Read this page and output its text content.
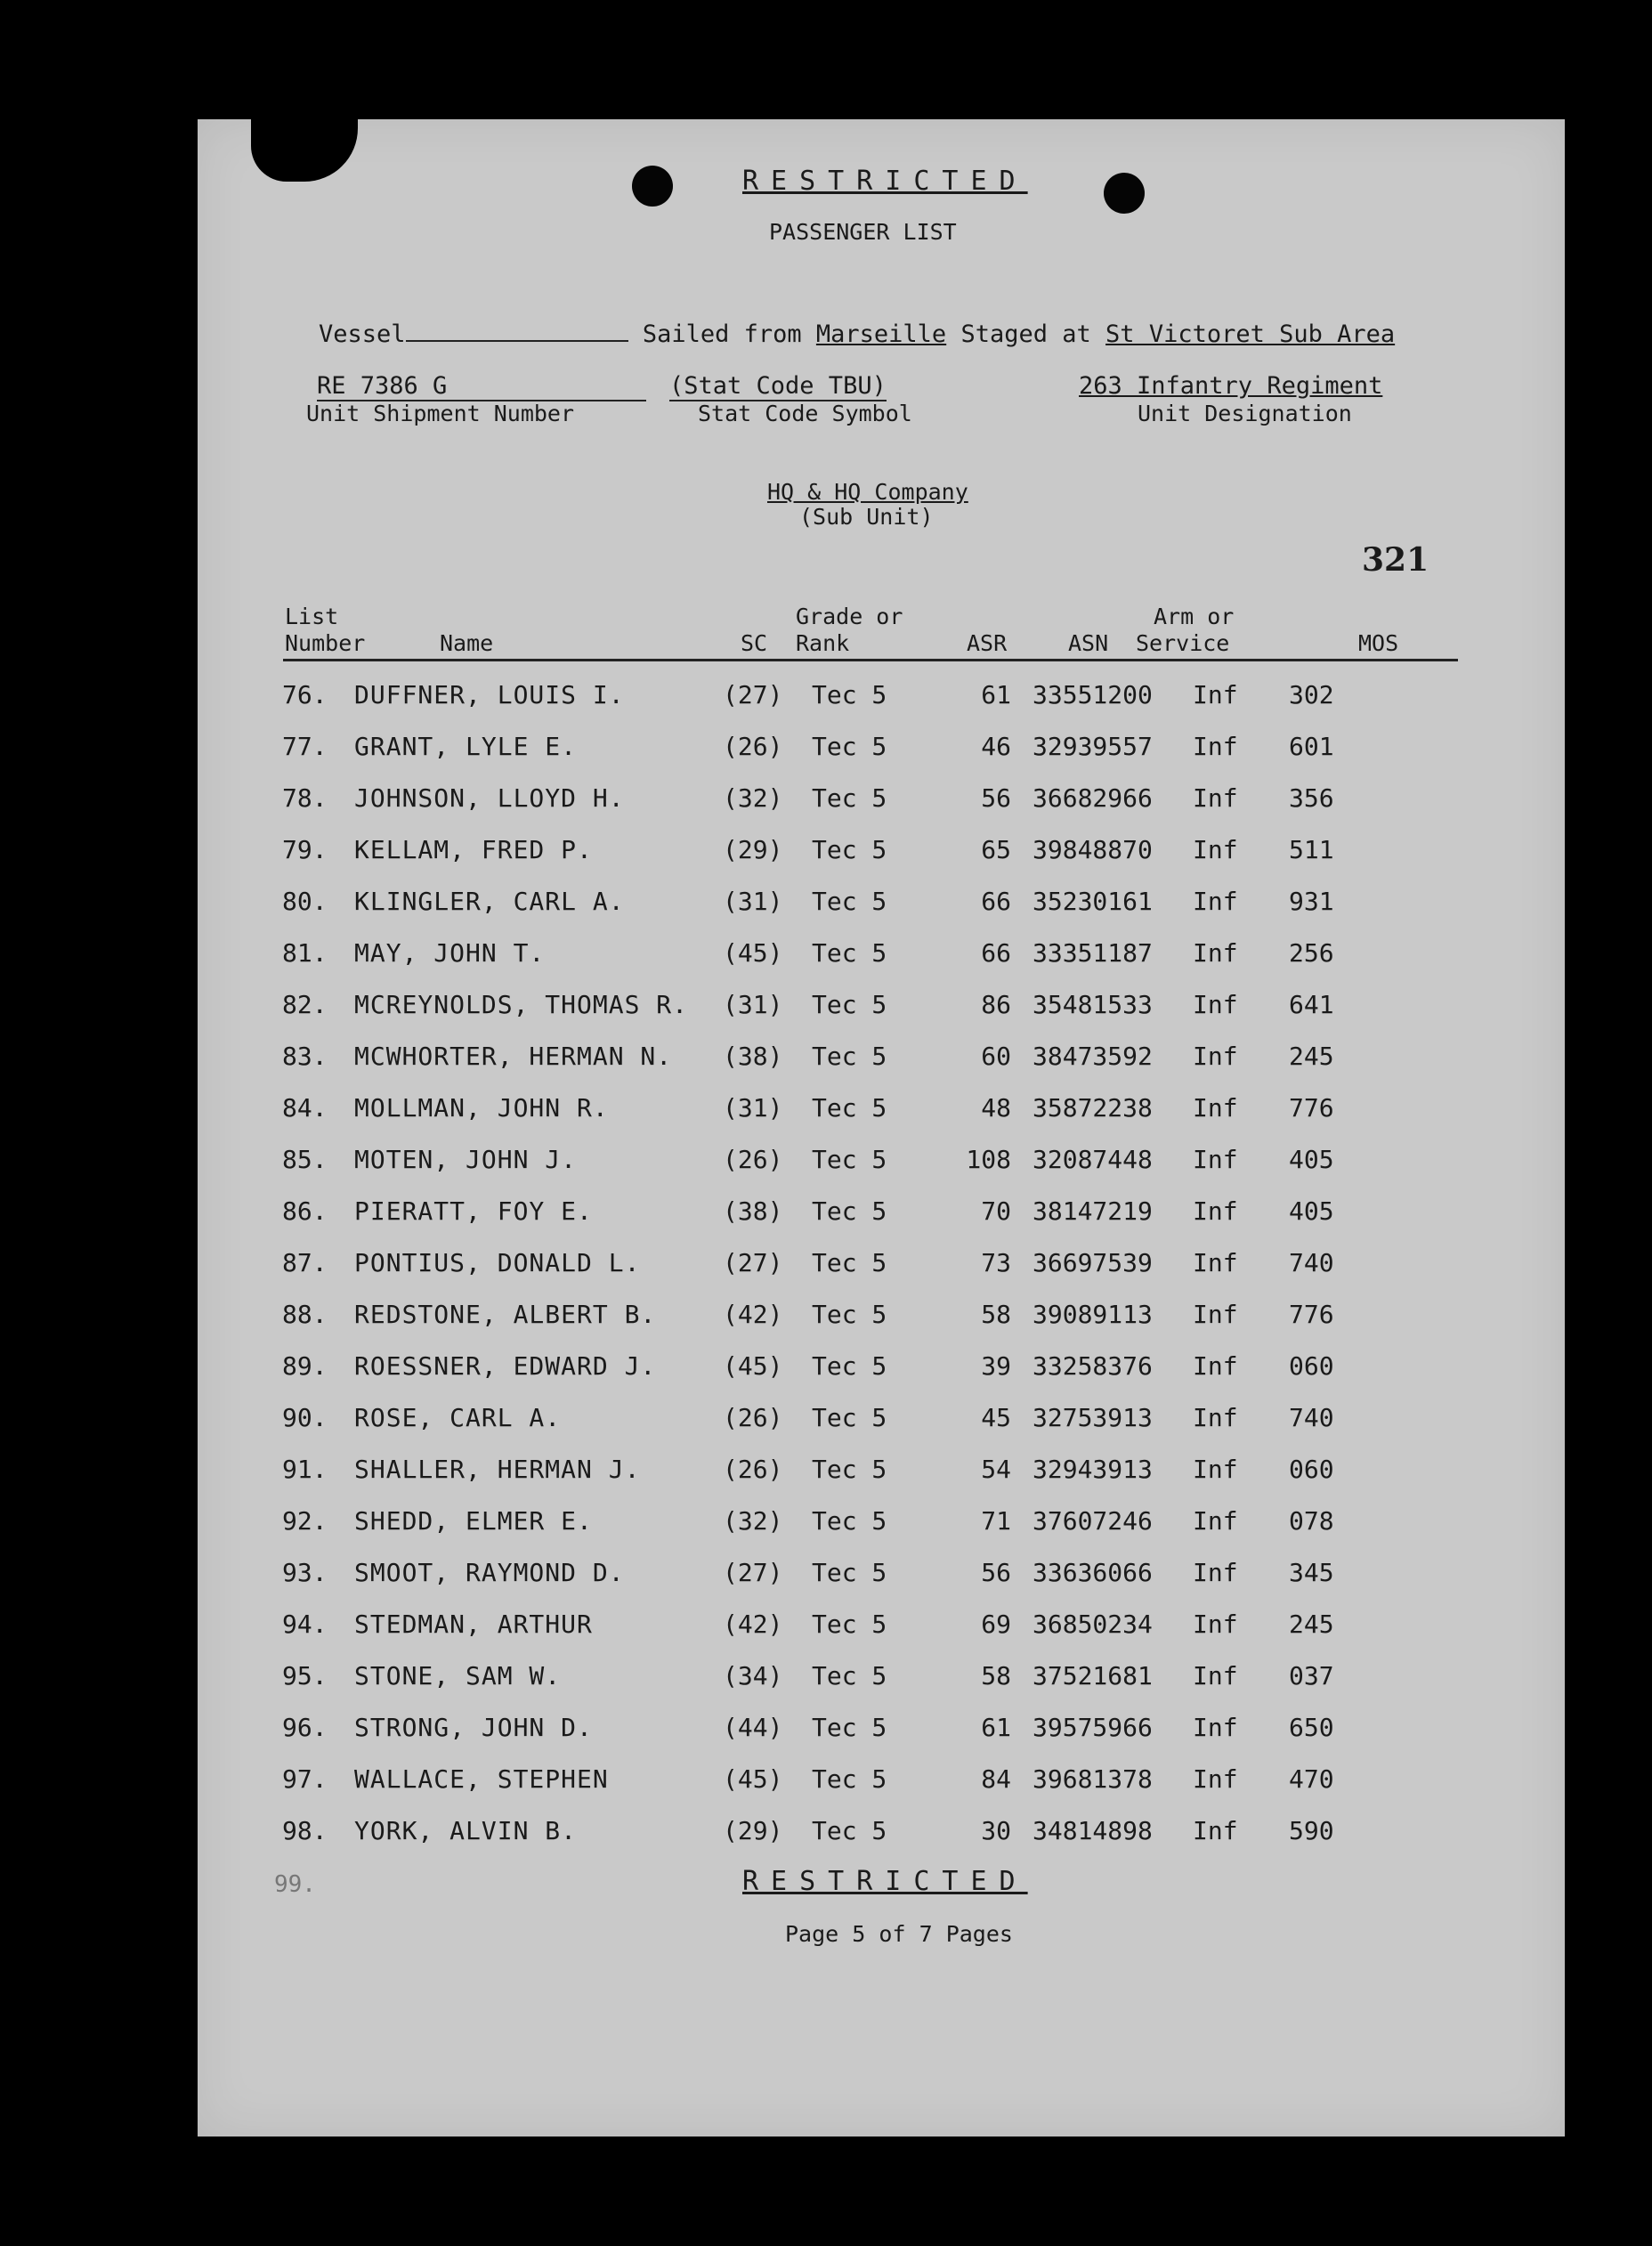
RESTRICTED
PASSENGER LIST
Vessel	Sailed from Marseille Staged at St Victoret Sub Area
RE 7386 G
Unit Shipment Number
(Stat Code TBU)
Stat Code Symbol
263 Infantry Regiment
Unit Designation
HQ & HQ Company
(Sub Unit)
321
List
Number	Name	SC
Grade or
Rank	ASR	ASN
Arm or
Service	MOS
76. DUFFNER, LOUIS I.	(27) Tec 5	61 33551200 Inf 302
77. GRANT, LYLE E.	(26) Tec 5	46 32939557 Inf 601
78. JOHNSON, LLOYD H.	(32) Tec 5	56 36682966 Inf 356
79. KELLAM, FRED P.	(29) Tec 5	65 39848870 Inf 511
80. KLINGLER, CARL A.	(31) Tec 5	66 35230161 Inf 931
81. MAY, JOHN T.	(45) Tec 5	66 33351187 Inf 256
82. MCREYNOLDS, THOMAS R. (31) Tec 5	86 35481533 Inf 641
83. MCWHORTER, HERMAN N. (38) Tec 5	60 38473592 Inf 245
84. MOLLMAN, JOHN R.	(31) Tec 5	48 35872238 Inf 776
85. MOTEN, JOHN J.	(26) Tec 5	108 32087448 Inf 405
86. PIERATT, FOY E.	(38) Tec 5	70 38147219 Inf 405
87. PONTIUS, DONALD L.	(27) Tec 5	73 36697539 Inf 740
88. REDSTONE, ALBERT B.	(42) Tec 5	58 39089113 Inf 776
89. ROESSNER, EDWARD J.	(45) Tec 5	39 33258376 Inf 060
90. ROSE, CARL A.	(26) Tec 5	45 32753913 Inf 740
91. SHALLER, HERMAN J.	(26) Tec 5	54 32943913 Inf 060
92. SHEDD, ELMER E.	(32) Tec 5	71 37607246 Inf 078
93. SMOOT, RAYMOND D.	(27) Tec 5	56 33636066 Inf 345
94. STEDMAN, ARTHUR	(42) Tec 5	69 36850234 Inf 245
95. STONE, SAM W.	(34) Tec 5	58 37521681 Inf 037
96. STRONG, JOHN D.	(44) Tec 5	61 39575966 Inf 650
97. WALLACE, STEPHEN	(45) Tec 5	84 39681378 Inf 470
98. YORK, ALVIN B.	(29) Tec 5	30 34814898 Inf 590
99.	RESTRICTED
Page 5 of 7 Pages
